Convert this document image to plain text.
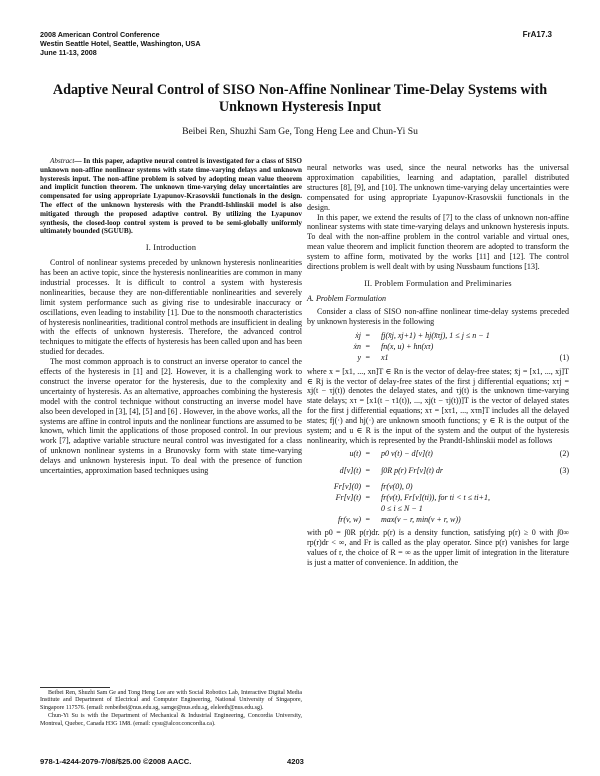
2008 American Control Conference
Westin Seattle Hotel, Seattle, Washington, USA
June 11-13, 2008
FrA17.3
Adaptive Neural Control of SISO Non-Affine Nonlinear Time-Delay Systems with Unknown Hysteresis Input
Beibei Ren, Shuzhi Sam Ge, Tong Heng Lee and Chun-Yi Su

Abstract— In this paper, adaptive neural control is investigated for a class of SISO unknown non-affine nonlinear systems with state time-varying delays and unknown hysteresis input. The non-affine problem is solved by adopting mean value theorem and implicit function theorem. The unknown time-varying delay uncertainties are compensated for using appropriate Lyapunov-Krasovskii functionals in the design. The effect of the unknown hysteresis with the Prandtl-Ishlinskii model is also mitigated through the proposed adaptive control. By utilizing the Lyapunov synthesis, the closed-loop control system is proved to be semi-globally uniformly ultimately bounded (SGUUB).

I. Introduction

Control of nonlinear systems preceded by unknown hysteresis nonlinearities has been an active topic, since the hysteresis nonlinearities are common in many industrial processes. It is difficult to control a system with hysteresis nonlinearities, because they are non-differentiable nonlinearities and severely limit system performance such as giving rise to undesirable inaccuracy or oscillations, even leading to instability [1]. Due to the nonsmooth characteristics of hysteresis nonlinearities, traditional control methods are insufficient in dealing with the effects of unknown hysteresis. Therefore, the advanced control techniques to mitigate the effects of hysteresis has been called upon and has been studied for decades.

The most common approach is to construct an inverse operator to cancel the effects of the hysteresis in [1] and [2]. However, it is a challenging work to construct the inverse operator for the hysteresis, due to the complexity and uncertainty of hysteresis. As an alternative, approaches combining the hysteresis model with the control technique without constructing an inverse model have also been developed in [3], [4], [5] and [6] . However, in the above works, all the systems are affine in control inputs and the nonlinear functions are assumed to be known, which limit the applications of those proposed control. In our previous work [7], adaptive variable structure neural control was investigated for a class of unknown nonlinear systems in a Brunovsky form with state time-varying delays and unknown hysteresis input. To deal with the presence of function uncertainties, approximation based techniques using

neural networks was used, since the neural networks has the universal approximation capabilities, learning and adaptation, parallel distributed structures [8], [9], and [10]. The unknown time-varying delay uncertainties were compensated for using appropriate Lyapunov-Krasovskii functionals in the design.

In this paper, we extend the results of [7] to the class of unknown non-affine nonlinear systems with state time-varying delays and unknown hysteresis inputs. To deal with the non-affine problem in the control variable and virtual ones, mean value theorem and implicit function theorem are adopted to transform the system to affine form, motivated by the works [11] and [12]. The control directions problem is well dealt with by using Nussbaum functions [13].

II. Problem Formulation and Preliminaries
A. Problem Formulation

Consider a class of SISO non-affine nonlinear time-delay systems preceded by unknown hysteresis in the following

ẋj = fj(x̄j, xj+1) + hj(x̄τj), 1 ≤ j ≤ n − 1
ẋn = fn(x, u) + hn(xτ)
y = x1	(1)

where x = [x1, ..., xn]T ∈ Rn is the vector of delay-free states; x̄j = [x1, ..., xj]T ∈ Rj is the vector of delay-free states of the first j differential equations; xτj = xj(t − τj(t)) denotes the delayed states, and τj(t) is the unknown time-varying state delays; xτ = [x1(t − τ1(t)), ..., xj(t − τj(t))]T is the vector of delayed states for the first j differential equations; xτ = [xτ1, ..., xτn]T includes all the delayed states; fj(·) and hj(·) are unknown smooth functions; y ∈ R is the output of the system; and u ∈ R is the input of the system and the output of the hysteresis nonlinearity, which is represented by the Prandtl-Ishlinskii model as follows

u(t) = p0 v(t) − d[v](t)	(2)
d[v](t) = ∫0R p(r) Fr[v](t) dr	(3)
Fr[v](0) = fr(v(0), 0)
Fr[v](t) = fr(v(t), Fr[v](ti)), for ti < t ≤ ti+1,
0 ≤ i ≤ N − 1
fr(v, w) = max(v − r, min(v + r, w))

with p0 = ∫0R p(r)dr. p(r) is a density function, satisfying p(r) ≥ 0 with ∫0∞ rp(r)dr < ∞, and Fr is called as the play operator. Since p(r) vanishes for large values of r, the choice of R = ∞ as the upper limit of integration in the literature is just a matter of convenience. In addition, the

Beibei Ren, Shuzhi Sam Ge and Tong Heng Lee are with Social Robotics Lab, Interactive Digital Media Institute and Department of Electrical and Computer Engineering, National University of Singapore, Singapore 117576. (email: renbeibei@nus.edu.sg, samge@nus.edu.sg, eleleeth@nus.edu.sg).

Chun-Yi Su is with the Department of Mechanical & Industrial Engineering, Concordia University, Montreal, Quebec, Canada H3G 1M8. (email: cysu@alcor.concordia.ca).

978-1-4244-2079-7/08/$25.00 ©2008 AACC.	4203
